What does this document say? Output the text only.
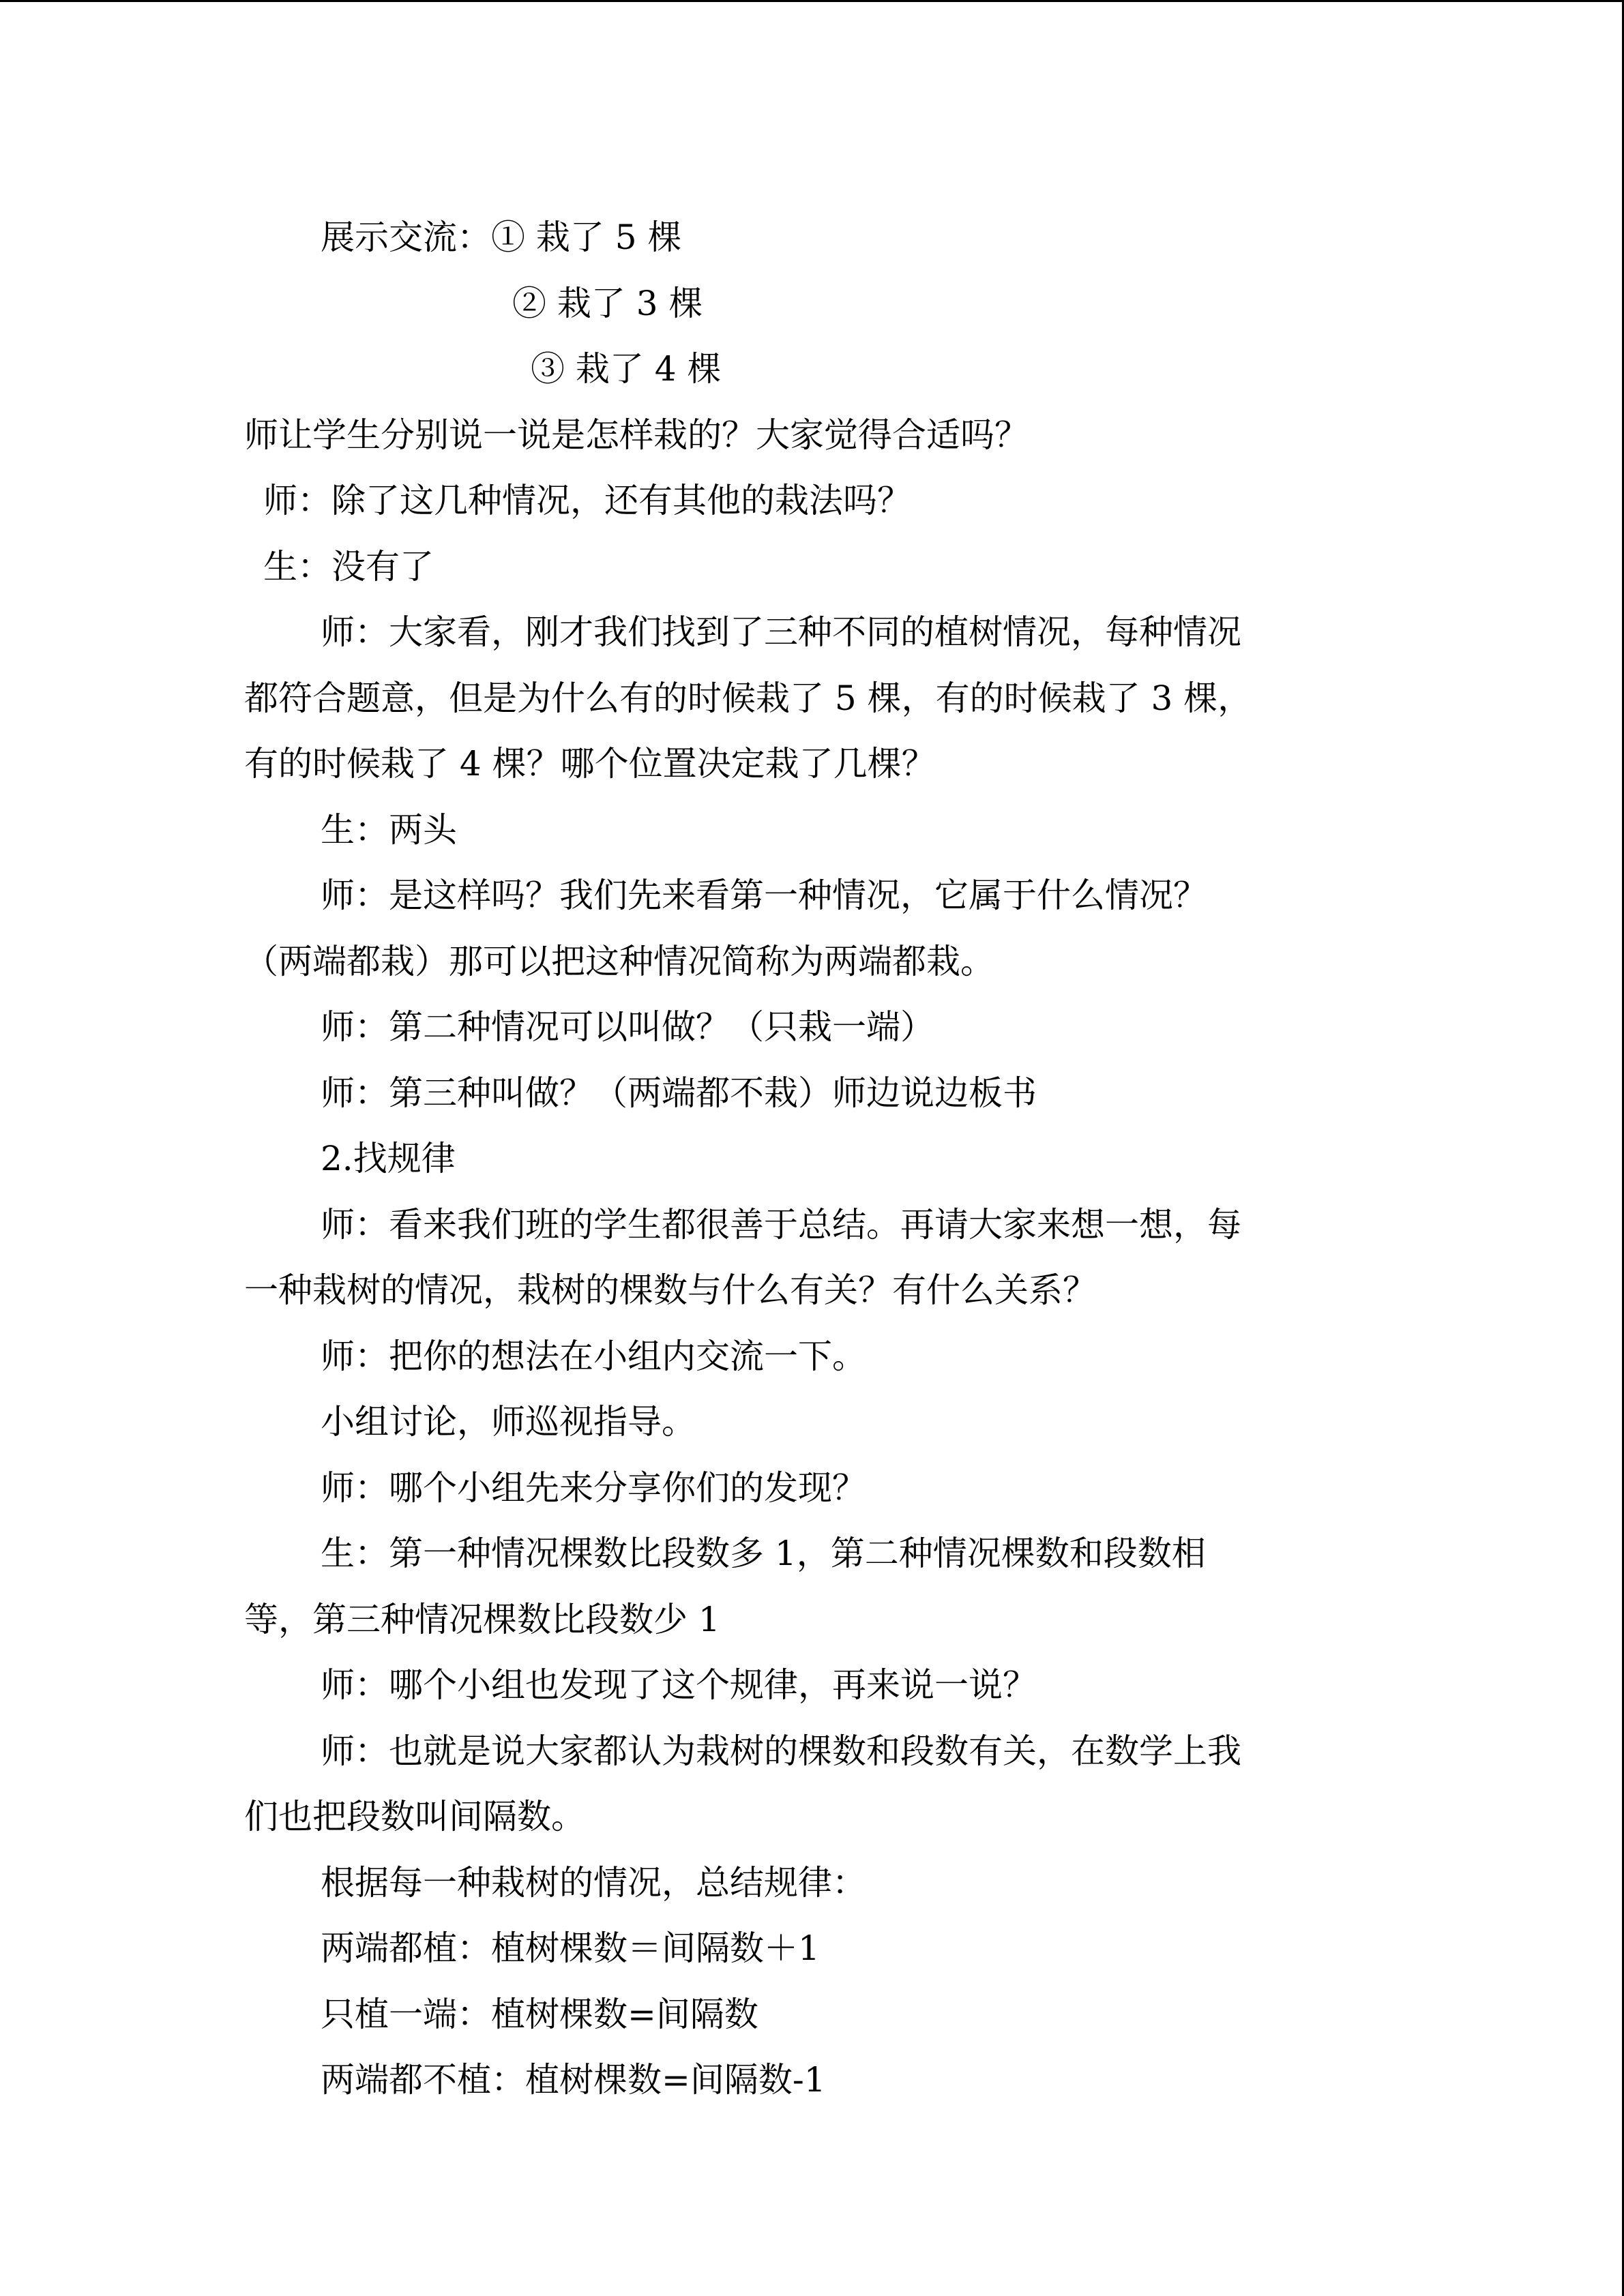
展示交流：① 栽了 5 棵

② 栽了 3 棵

③ 栽了 4 棵

师让学生分别说一说是怎样栽的？大家觉得合适吗？

师：除了这几种情况，还有其他的栽法吗？

生：没有了

师：大家看，刚才我们找到了三种不同的植树情况，每种情况

都符合题意，但是为什么有的时候栽了 5 棵，有的时候栽了 3 棵，

有的时候栽了 4 棵？哪个位置决定栽了几棵？

生：两头

师：是这样吗？我们先来看第一种情况，它属于什么情况？

（两端都栽）那可以把这种情况简称为两端都栽。

师：第二种情况可以叫做？（只栽一端）

师：第三种叫做？（两端都不栽）师边说边板书

2.找规律

师：看来我们班的学生都很善于总结。再请大家来想一想，每

一种栽树的情况，栽树的棵数与什么有关？有什么关系？

师：把你的想法在小组内交流一下。

小组讨论，师巡视指导。

师：哪个小组先来分享你们的发现？

生：第一种情况棵数比段数多 1，第二种情况棵数和段数相

等，第三种情况棵数比段数少 1

师：哪个小组也发现了这个规律，再来说一说？

师：也就是说大家都认为栽树的棵数和段数有关，在数学上我

们也把段数叫间隔数。

根据每一种栽树的情况，总结规律：

两端都植：植树棵数＝间隔数＋1

只植一端：植树棵数=间隔数

两端都不植：植树棵数=间隔数-1
